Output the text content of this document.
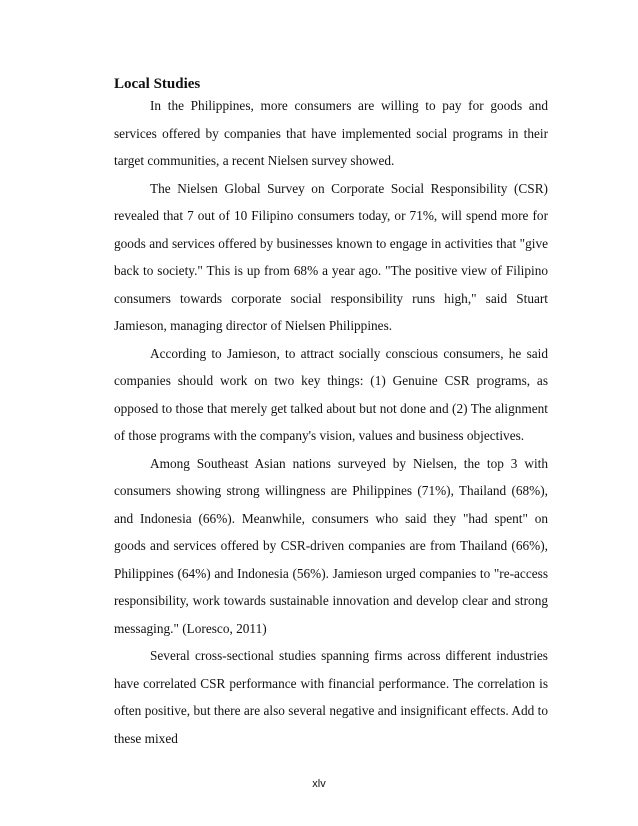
Local Studies

In the Philippines, more consumers are willing to pay for goods and services offered by companies that have implemented social programs in their target communities, a recent Nielsen survey showed.

The Nielsen Global Survey on Corporate Social Responsibility (CSR) revealed that 7 out of 10 Filipino consumers today, or 71%, will spend more for goods and services offered by businesses known to engage in activities that "give back to society." This is up from 68% a year ago. "The positive view of Filipino consumers towards corporate social responsibility runs high," said Stuart Jamieson, managing director of Nielsen Philippines.

According to Jamieson, to attract socially conscious consumers, he said companies should work on two key things: (1) Genuine CSR programs, as opposed to those that merely get talked about but not done and (2) The alignment of those programs with the company's vision, values and business objectives.

Among Southeast Asian nations surveyed by Nielsen, the top 3 with consumers showing strong willingness are Philippines (71%), Thailand (68%), and Indonesia (66%). Meanwhile, consumers who said they "had spent" on goods and services offered by CSR-driven companies are from Thailand (66%), Philippines (64%) and Indonesia (56%). Jamieson urged companies to "re-access responsibility, work towards sustainable innovation and develop clear and strong messaging." (Loresco, 2011)

Several cross-sectional studies spanning firms across different industries have correlated CSR performance with financial performance. The correlation is often positive, but there are also several negative and insignificant effects. Add to these mixed

xlv
